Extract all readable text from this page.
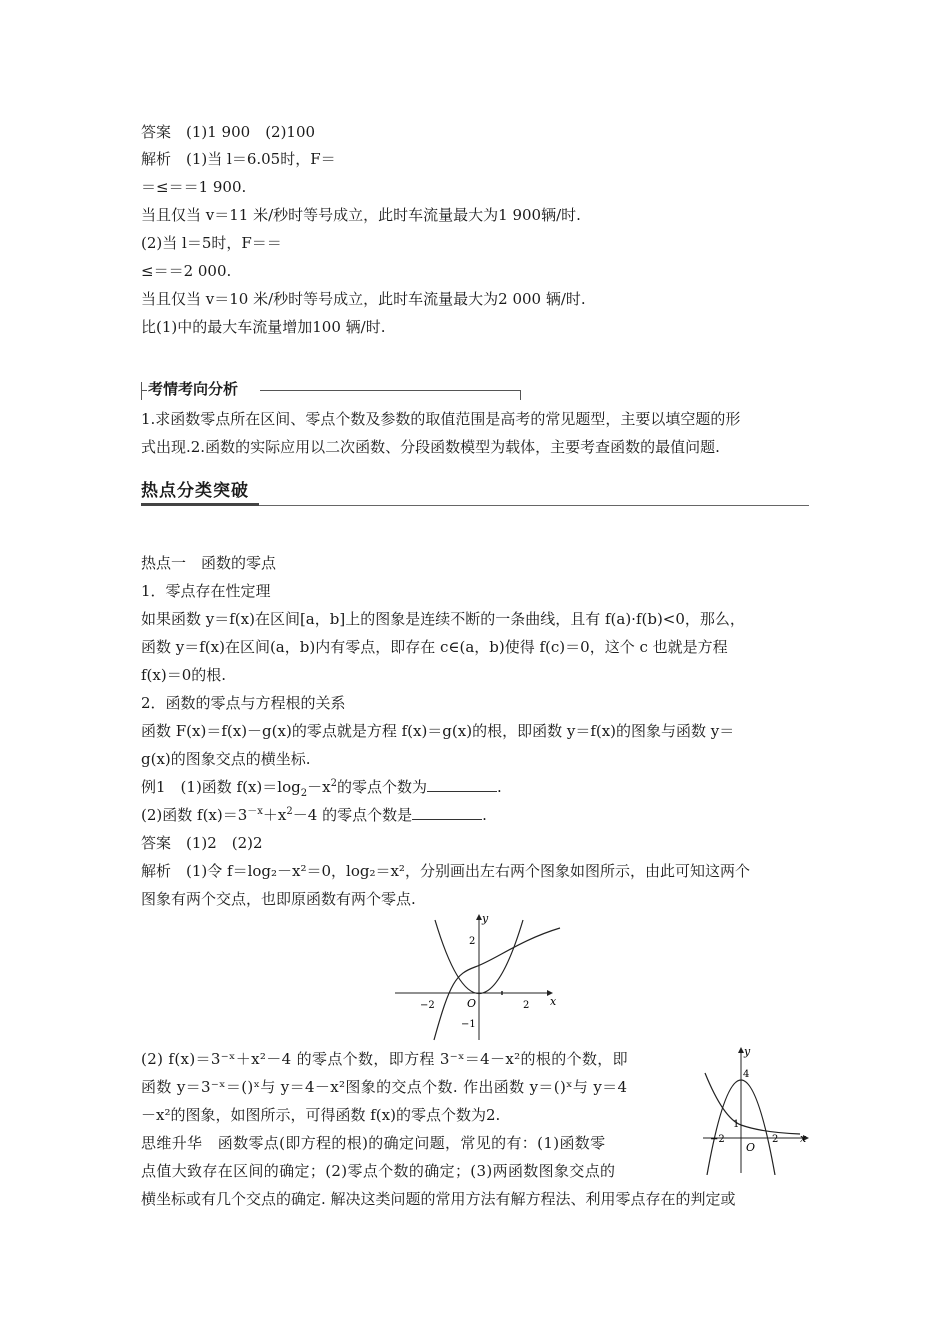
答案　(1)1 900　(2)100
解析　(1)当 l＝6.05时，F＝
＝≤＝＝1 900.
当且仅当 v＝11 米/秒时等号成立，此时车流量最大为1 900辆/时.
(2)当 l＝5时，F＝＝
≤＝＝2 000.
当且仅当 v＝10 米/秒时等号成立，此时车流量最大为2 000 辆/时.
比(1)中的最大车流量增加100 辆/时.
考情考向分析
1.求函数零点所在区间、零点个数及参数的取值范围是高考的常见题型，主要以填空题的形
式出现.2.函数的实际应用以二次函数、分段函数模型为载体，主要考查函数的最值问题.
热点分类突破
热点一　函数的零点
1．零点存在性定理
如果函数 y＝f(x)在区间[a，b]上的图象是连续不断的一条曲线，且有 f(a)·f(b)<0，那么，
函数 y＝f(x)在区间(a，b)内有零点，即存在 c∈(a，b)使得 f(c)＝0，这个 c 也就是方程
f(x)＝0的根.
2．函数的零点与方程根的关系
函数 F(x)＝f(x)－g(x)的零点就是方程 f(x)＝g(x)的根，即函数 y＝f(x)的图象与函数 y＝
g(x)的图象交点的横坐标.
例1　(1)函数 $f(x)=\log_2-x^2$的零点个数为	.
(2)函数 $f(x)=3^{-x}+x^2-4$ 的零点个数是	.
答案　(1)2　(2)2
解析　(1)令 f＝log₂－x²＝0，log₂＝x²，分别画出左右两个图象如图所示，由此可知这两个
图象有两个交点，也即原函数有两个零点.
y
x
O
2
−1
−2	2
(2) f(x)＝3⁻ˣ＋x²－4 的零点个数，即方程 3⁻ˣ＝4－x²的根的个数，即
函数 y＝3⁻ˣ＝()ˣ与 y＝4－x²图象的交点个数. 作出函数 y＝()ˣ与 y＝4
－x²的图象，如图所示，可得函数 f(x)的零点个数为2.
思维升华　函数零点(即方程的根)的确定问题，常见的有：(1)函数零
点值大致存在区间的确定；(2)零点个数的确定；(3)两函数图象交点的
横坐标或有几个交点的确定. 解决这类问题的常用方法有解方程法、利用零点存在的判定或
y
x
O
4
1
−2	2
